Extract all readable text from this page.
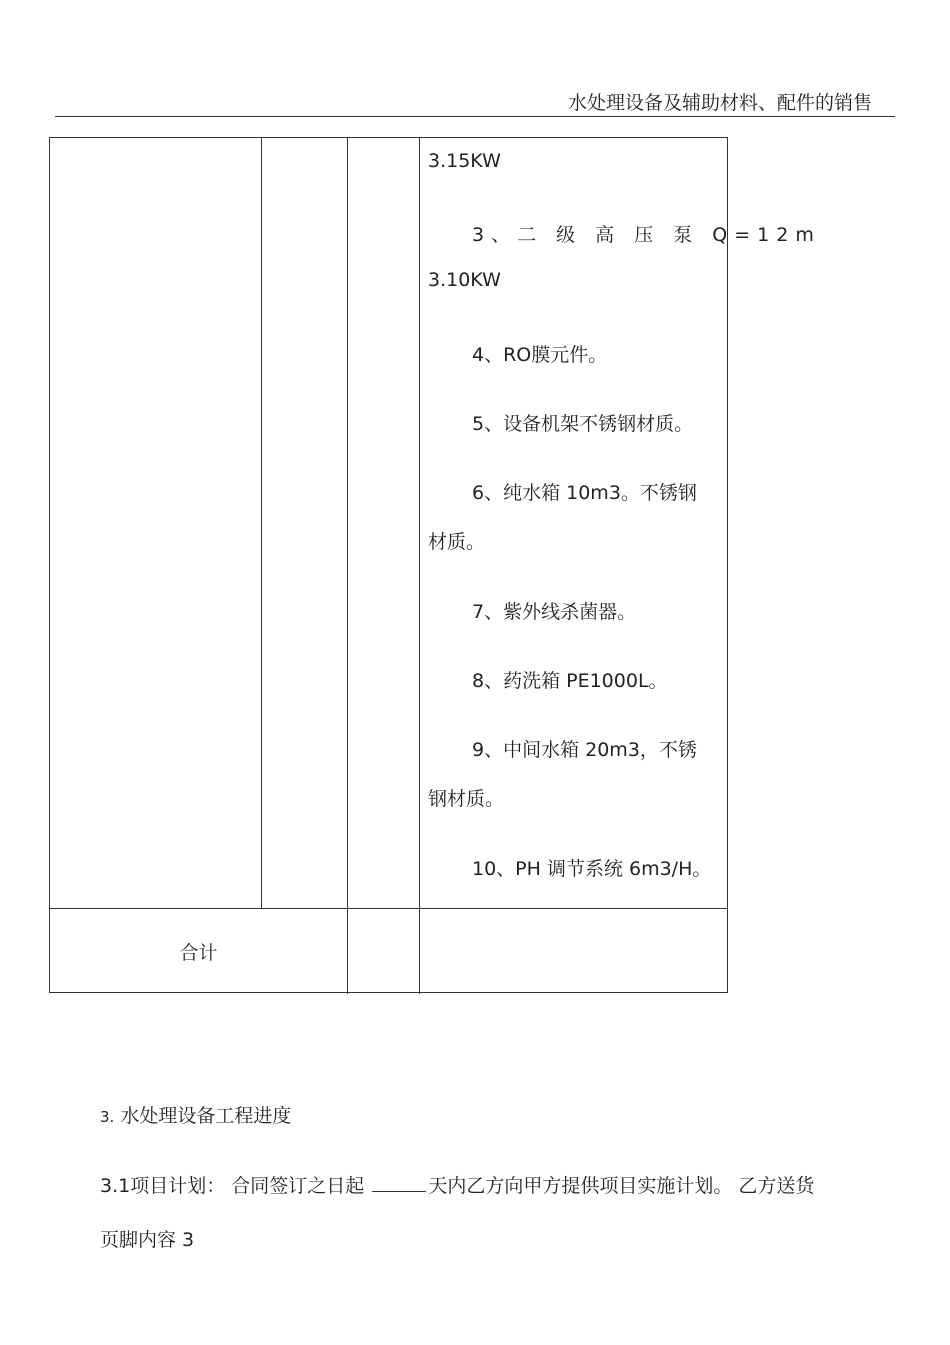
水处理设备及辅助材料、配件的销售
3.15KW
3、二 级 高 压 泵 Q=12m
3.10KW
4、RO膜元件。
5、设备机架不锈钢材质。
6、纯水箱 10m3。不锈钢
材质。
7、紫外线杀菌器。
8、药洗箱 PE1000L。
9、中间水箱 20m3，不锈
钢材质。
10、PH 调节系统 6m3/H。
合计
3. 水处理设备工程进度
3.1项目计划： 合同签订之日起	天内乙方向甲方提供项目实施计划。 乙方送货
页脚内容 3
